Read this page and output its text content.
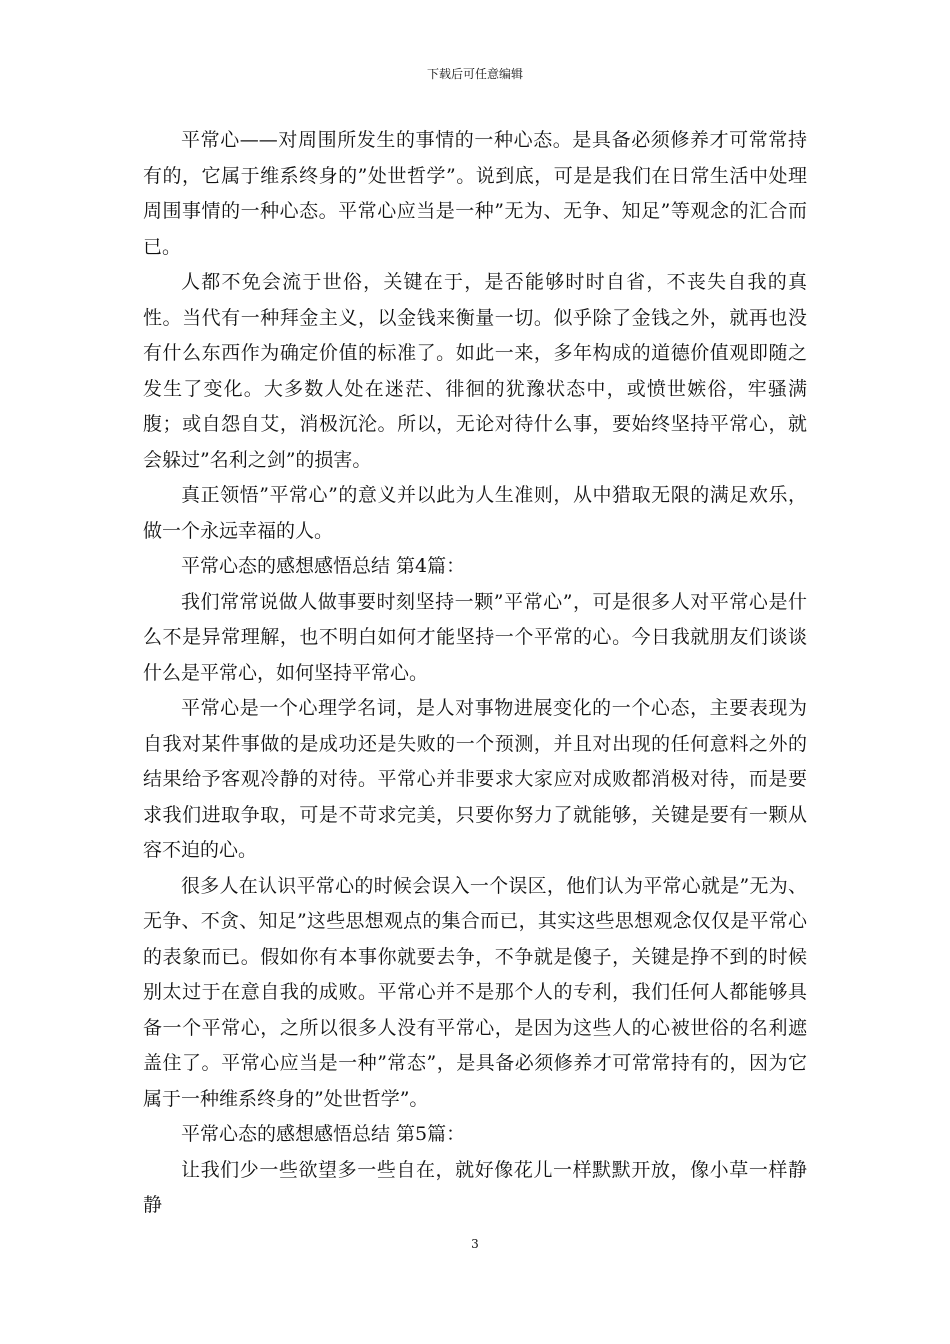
下载后可任意编辑

平常心——对周围所发生的事情的一种心态。是具备必须修养才可常常持有的，它属于维系终身的”处世哲学”。说到底，可是是我们在日常生活中处理周围事情的一种心态。平常心应当是一种”无为、无争、知足”等观念的汇合而已。

人都不免会流于世俗，关键在于，是否能够时时自省，不丧失自我的真性。当代有一种拜金主义，以金钱来衡量一切。似乎除了金钱之外，就再也没有什么东西作为确定价值的标准了。如此一来，多年构成的道德价值观即随之发生了变化。大多数人处在迷茫、徘徊的犹豫状态中，或愤世嫉俗，牢骚满腹；或自怨自艾，消极沉沦。所以，无论对待什么事，要始终坚持平常心，就会躲过”名利之剑”的损害。

真正领悟”平常心”的意义并以此为人生准则，从中猎取无限的满足欢乐，做一个永远幸福的人。

平常心态的感想感悟总结 第4篇：

我们常常说做人做事要时刻坚持一颗”平常心”，可是很多人对平常心是什么不是异常理解，也不明白如何才能坚持一个平常的心。今日我就朋友们谈谈什么是平常心，如何坚持平常心。

平常心是一个心理学名词，是人对事物进展变化的一个心态，主要表现为自我对某件事做的是成功还是失败的一个预测，并且对出现的任何意料之外的结果给予客观冷静的对待。平常心并非要求大家应对成败都消极对待，而是要求我们进取争取，可是不苛求完美，只要你努力了就能够，关键是要有一颗从容不迫的心。

很多人在认识平常心的时候会误入一个误区，他们认为平常心就是”无为、无争、不贪、知足”这些思想观点的集合而已，其实这些思想观念仅仅是平常心的表象而已。假如你有本事你就要去争，不争就是傻子，关键是挣不到的时候别太过于在意自我的成败。平常心并不是那个人的专利，我们任何人都能够具备一个平常心，之所以很多人没有平常心，是因为这些人的心被世俗的名利遮盖住了。平常心应当是一种”常态”，是具备必须修养才可常常持有的，因为它属于一种维系终身的”处世哲学”。

平常心态的感想感悟总结 第5篇：

让我们少一些欲望多一些自在，就好像花儿一样默默开放，像小草一样静静

3
